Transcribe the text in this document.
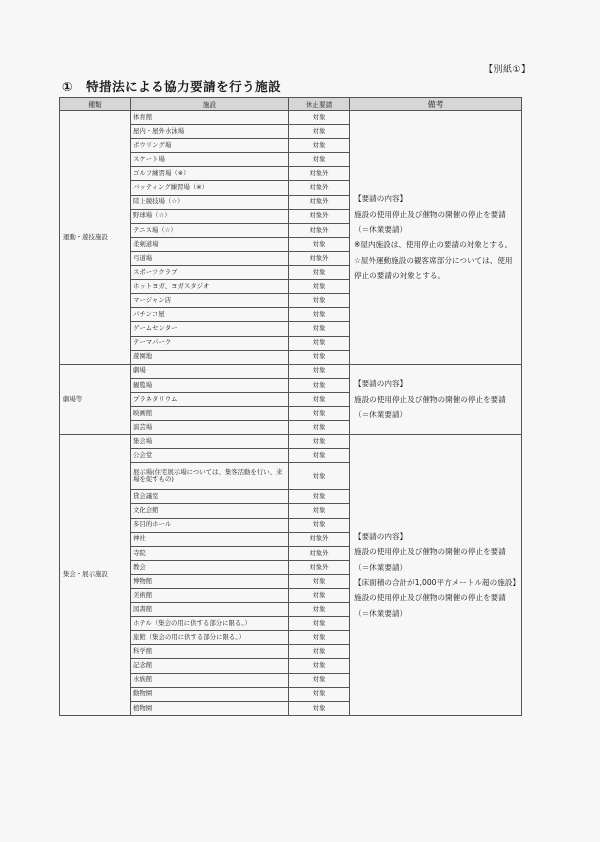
【別紙①】
①　特措法による協力要請を行う施設
種類	施設	休止要請	備考
運動・遊技施設	体育館	対象	【要請の内容】

施設の使用停止及び催物の開催の停止を要請（＝休業要請）

※屋内施設は、使用停止の要請の対象とする。

☆屋外運動施設の観客席部分については、使用停止の要請の対象とする。

	屋内・屋外水泳場	対象	
	ボウリング場	対象	
	スケート場	対象	
	ゴルフ練習場（※）	対象外	
	バッティング練習場（※）	対象外	
	陸上競技場（☆）	対象外	
	野球場（☆）	対象外	
	テニス場（☆）	対象外	
	柔剣道場	対象	
	弓道場	対象外	
	スポーツクラブ	対象	
	ホットヨガ、ヨガスタジオ	対象	
	マージャン店	対象	
	パチンコ屋	対象	
	ゲームセンター	対象	
	テーマパーク	対象	
	遊園地	対象	
劇場等	劇場	対象	【要請の内容】

施設の使用停止及び催物の開催の停止を要請（＝休業要請）

	観覧場	対象	
	プラネタリウム	対象	
	映画館	対象	
	演芸場	対象	
集会・展示施設	集会場	対象	【要請の内容】

施設の使用停止及び催物の開催の停止を要請（＝休業要請）

【床面積の合計が1,000平方メートル超の施設】

施設の使用停止及び催物の開催の停止を要請（＝休業要請）

	公会堂	対象	
	展示場(住宅展示場については、集客活動を行い、来場を促すもの)	対象	
	貸会議室	対象	
	文化会館	対象	
	多目的ホール	対象	
	神社	対象外	
	寺院	対象外	
	教会	対象外	
	博物館	対象	
	美術館	対象	
	図書館	対象	
	ホテル（集会の用に供する部分に限る。）	対象	
	旅館（集会の用に供する部分に限る。）	対象	
	科学館	対象	
	記念館	対象	
	水族館	対象	
	動物園	対象	
	植物園	対象	
